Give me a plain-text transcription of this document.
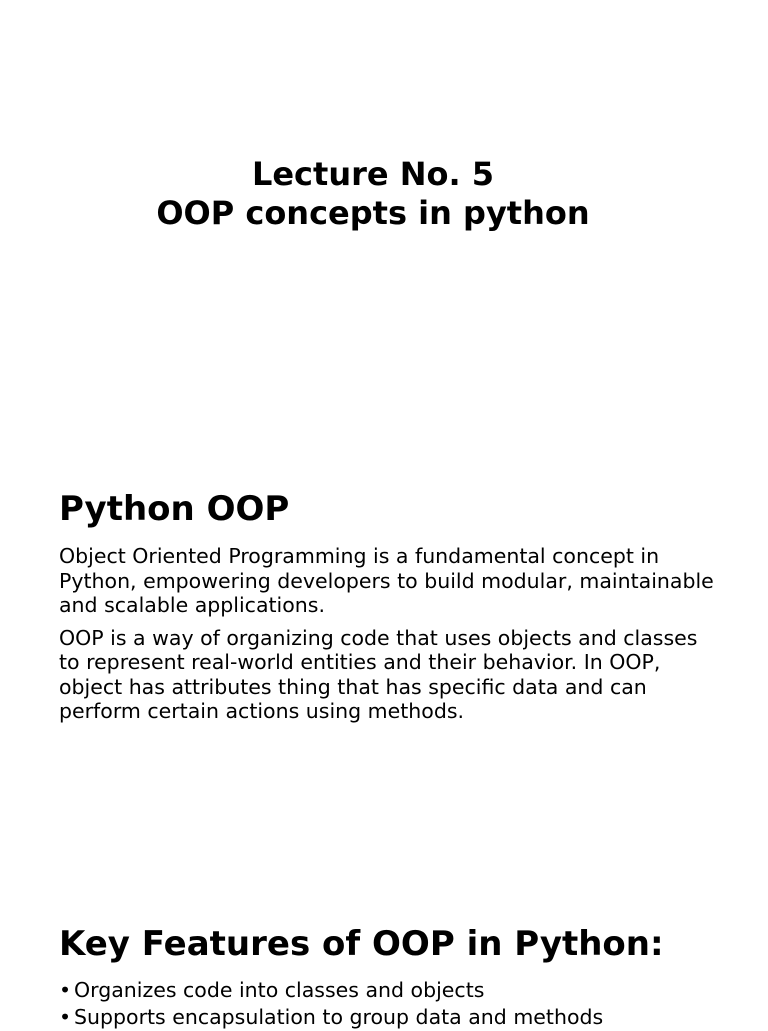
Lecture No. 5
OOP concepts in python
Python OOP

Object Oriented Programming is a fundamental concept in Python, empowering developers to build modular, maintainable and scalable applications.

OOP is a way of organizing code that uses objects and classes to represent real-world entities and their behavior. In OOP, object has attributes thing that has specific data and can perform certain actions using methods.

Key Features of OOP in Python:
• Organizes code into classes and objects
• Supports encapsulation to group data and methods
